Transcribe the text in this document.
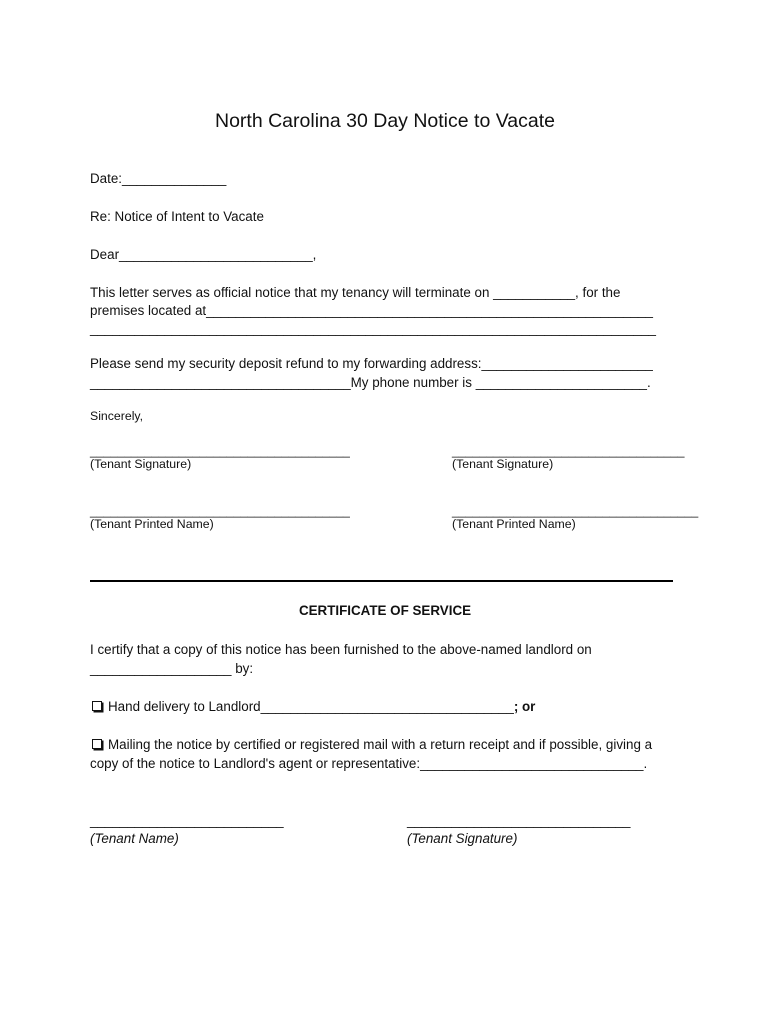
North Carolina 30 Day Notice to Vacate
Date:______________
Re: Notice of Intent to Vacate
Dear__________________________,
This letter serves as official notice that my tenancy will terminate on ___________, for the
premises located at____________________________________________________________
____________________________________________________________________________
Please send my security deposit refund to my forwarding address:_______________________
___________________________________My phone number is _______________________.
Sincerely,
______________________________________	__________________________________
(Tenant Signature)	(Tenant Signature)
______________________________________	____________________________________
(Tenant Printed Name)	(Tenant Printed Name)
CERTIFICATE OF SERVICE
I certify that a copy of this notice has been furnished to the above-named landlord on
___________________ by:
Hand delivery to Landlord__________________________________; or
Mailing the notice by certified or registered mail with a return receipt and if possible, giving a
copy of the notice to Landlord's agent or representative:______________________________.
__________________________	______________________________
(Tenant Name)	(Tenant Signature)
